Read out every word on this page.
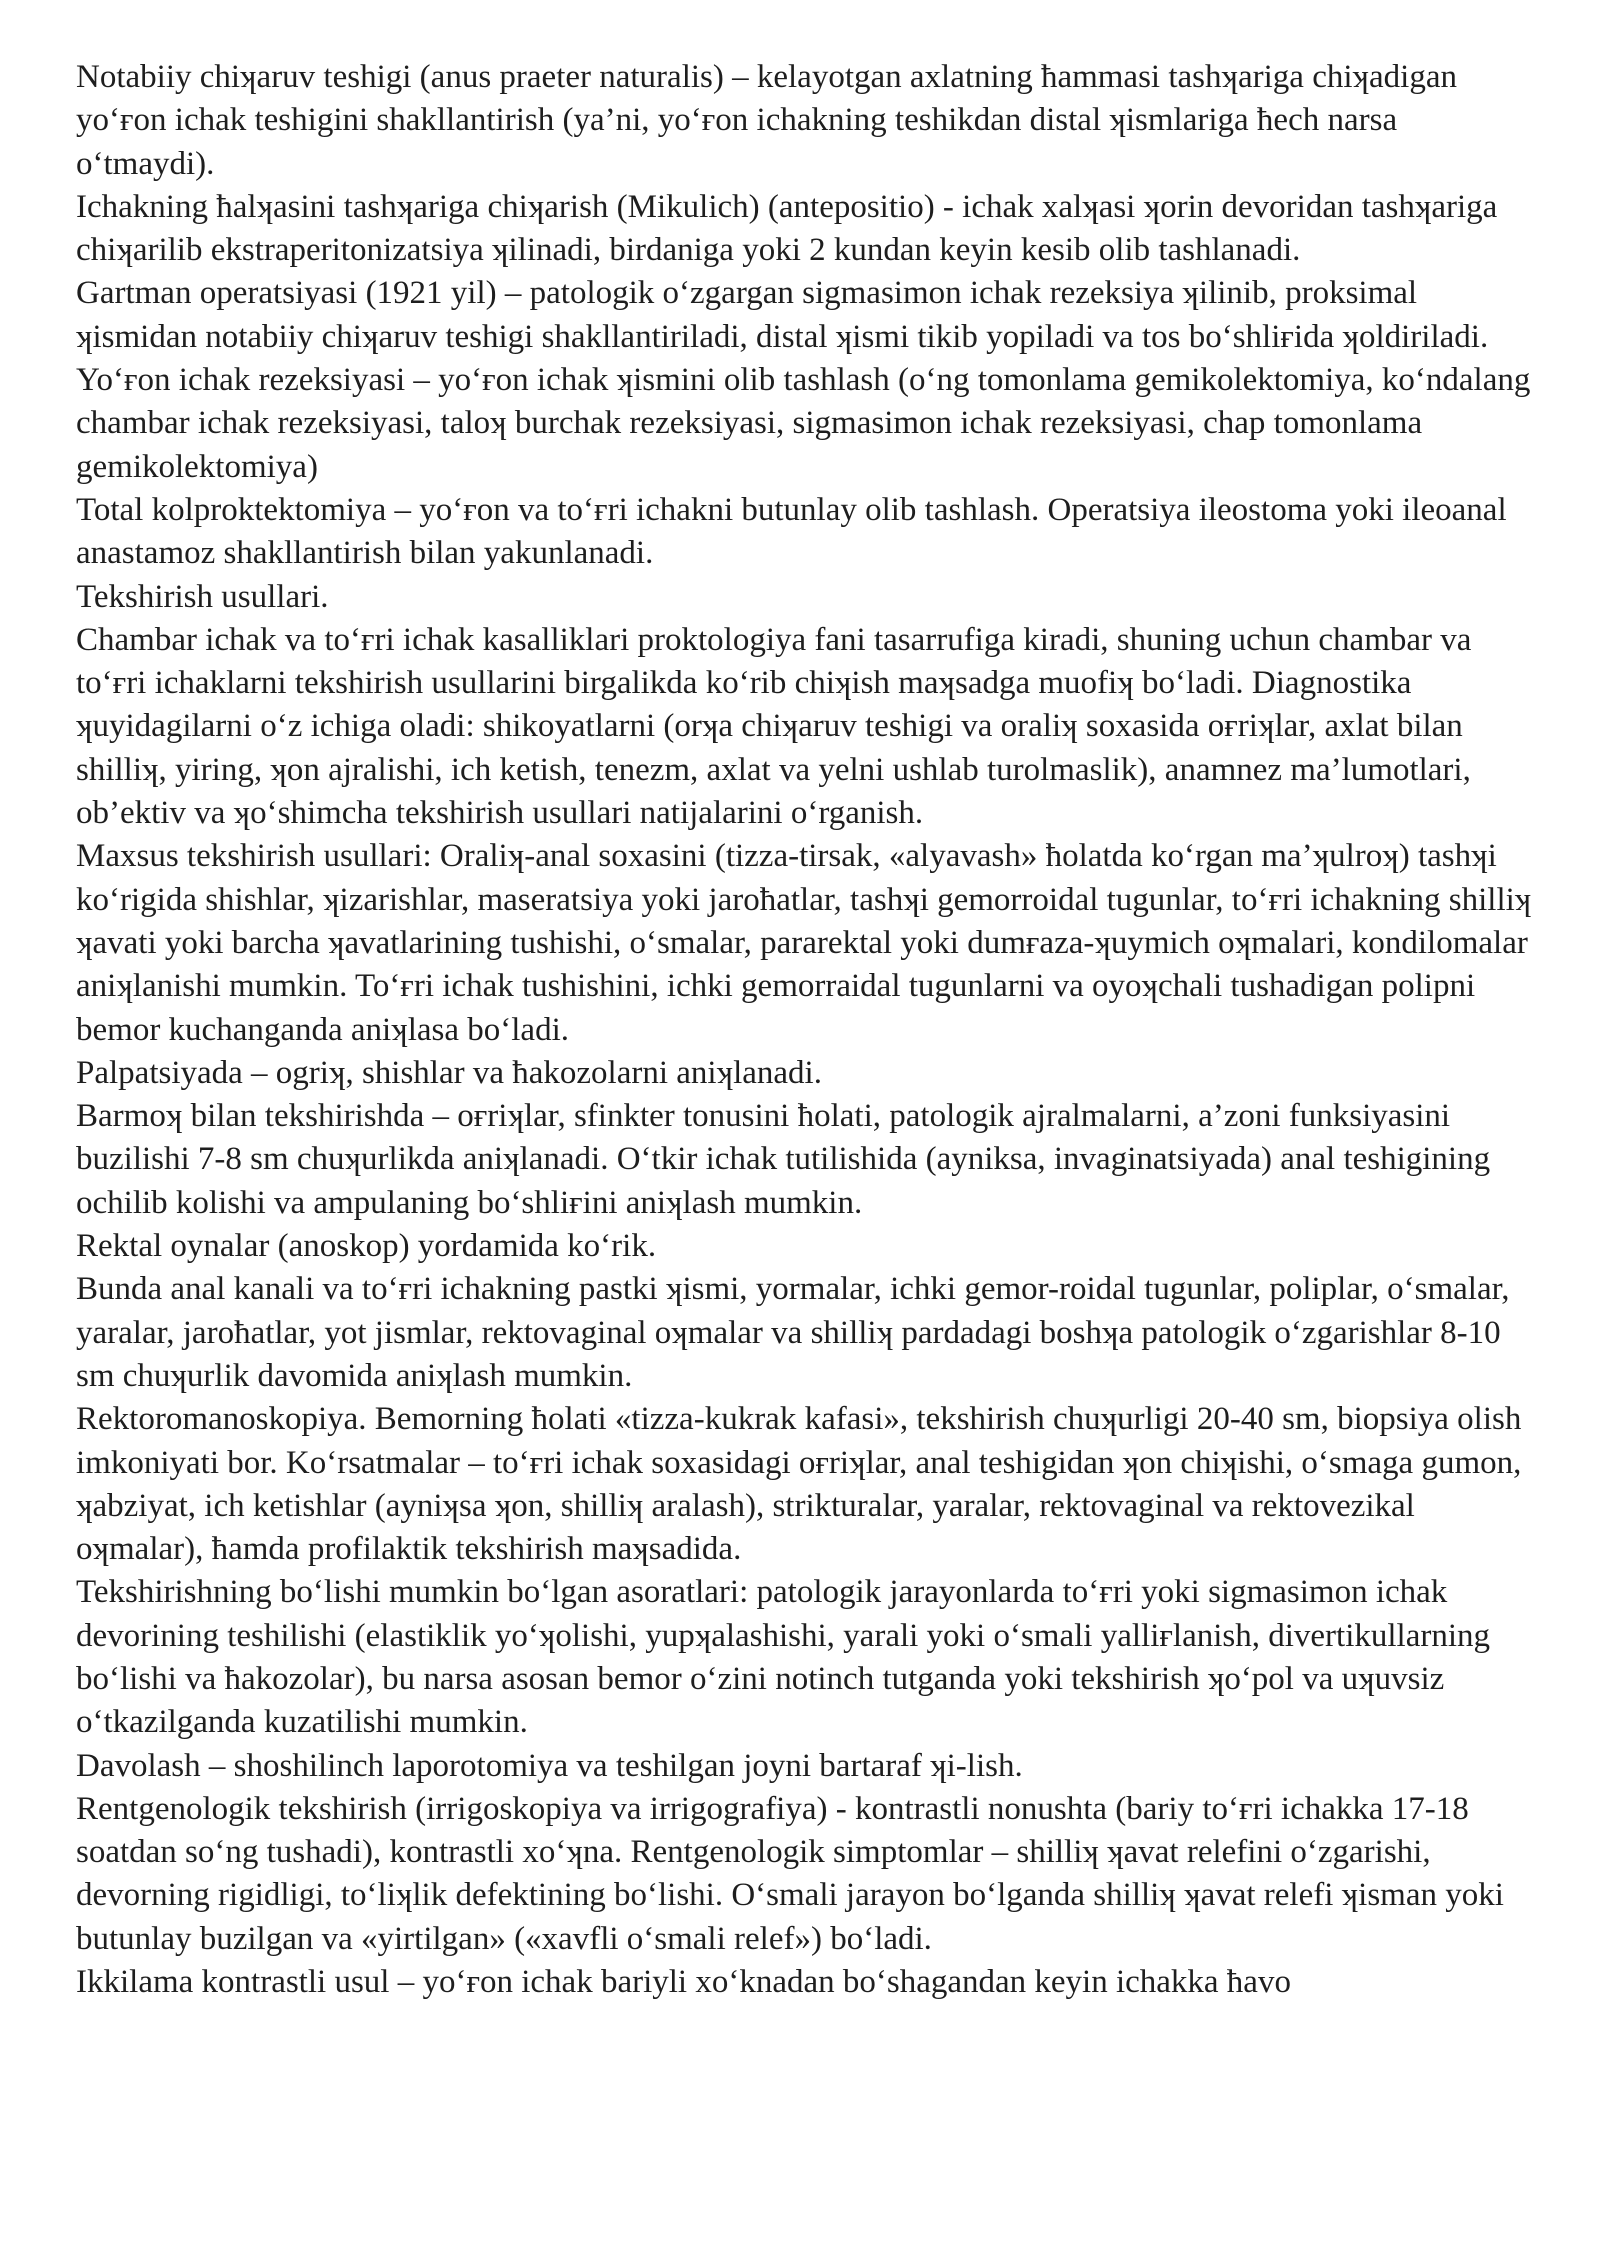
Notabiiy chiʞaruv teshigi (anus praeter naturalis) – kelayotgan axlatning ћammasi tashʞariga chiʞadigan yoʻғon ichak teshigini shakllantirish (ya’ni, yoʻғon ichakning teshikdan distal ʞismlariga ћech narsa oʻtmaydi).

Ichakning ћalʞasini tashʞariga chiʞarish (Mikulich) (antepositio) - ichak xalʞasi ʞorin devoridan tashʞariga chiʞarilib ekstraperitonizatsiya ʞilinadi, birdaniga yoki 2 kundan keyin kesib olib tashlanadi.

Gartman operatsiyasi (1921 yil) – patologik oʻzgargan sigmasimon ichak rezeksiya ʞilinib, proksimal ʞismidan notabiiy chiʞaruv teshigi shakllantiriladi, distal ʞismi tikib yopiladi va tos boʻshliғida ʞoldiriladi.

Yoʻғon ichak rezeksiyasi – yoʻғon ichak ʞismini olib tashlash (oʻng tomonlama gemikolektomiya, koʻndalang chambar ichak rezeksiyasi, taloʞ burchak rezeksiyasi, sigmasimon ichak rezeksiyasi, chap tomonlama gemikolektomiya)

Total kolproktektomiya – yoʻғon va toʻғri ichakni butunlay olib tashlash. Operatsiya ileostoma yoki ileoanal anastamoz shakllantirish bilan yakunlanadi.

Tekshirish usullari.

Chambar ichak va toʻғri ichak kasalliklari proktologiya fani tasarrufiga kiradi, shuning uchun chambar va toʻғri ichaklarni tekshirish usullarini birgalikda koʻrib chiʞish maʞsadga muofiʞ boʻladi. Diagnostika ʞuyidagilarni oʻz ichiga oladi: shikoyatlarni (orʞa chiʞaruv teshigi va oraliʞ soxasida oғriʞlar, axlat bilan shilliʞ, yiring, ʞon ajralishi, ich ketish, tenezm, axlat va yelni ushlab turolmaslik), anamnez ma’lumotlari, ob’ektiv va ʞoʻshimcha tekshirish usullari natijalarini oʻrganish.

Maxsus tekshirish usullari: Oraliʞ-anal soxasini (tizza-tirsak, «alyavash» ћolatda koʻrgan ma’ʞulroʞ) tashʞi koʻrigida shishlar, ʞizarishlar, maseratsiya yoki jaroћatlar, tashʞi gemorroidal tugunlar, toʻғri ichakning shilliʞ ʞavati yoki barcha ʞavatlarining tushishi, oʻsmalar, pararektal yoki dumғaza-ʞuymich oʞmalari, kondilomalar aniʞlanishi mumkin. Toʻғri ichak tushishini, ichki gemorraidal tugunlarni va oyoʞchali tushadigan polipni bemor kuchanganda aniʞlasa boʻladi.

Palpatsiyada – ogriʞ, shishlar va ћakozolarni aniʞlanadi.

Barmoʞ bilan tekshirishda – oғriʞlar, sfinkter tonusini ћolati, patologik ajralmalarni, a’zoni funksiyasini buzilishi 7-8 sm chuʞurlikda aniʞlanadi. Oʻtkir ichak tutilishida (ayniksa, invaginatsiyada) anal teshigining ochilib kolishi va ampulaning boʻshliғini aniʞlash mumkin.

Rektal oynalar (anoskop) yordamida koʻrik.

Bunda anal kanali va toʻғri ichakning pastki ʞismi, yormalar, ichki gemor-roidal tugunlar, poliplar, oʻsmalar, yaralar, jaroћatlar, yot jismlar, rektovaginal oʞmalar va shilliʞ pardadagi boshʞa patologik oʻzgarishlar 8-10 sm chuʞurlik davomida aniʞlash mumkin.

Rektoromanoskopiya. Bemorning ћolati «tizza-kukrak kafasi», tekshirish chuʞurligi 20-40 sm, biopsiya olish imkoniyati bor. Koʻrsatmalar – toʻғri ichak soxasidagi oғriʞlar, anal teshigidan ʞon chiʞishi, oʻsmaga gumon, ʞabziyat, ich ketishlar (ayniʞsa ʞon, shilliʞ aralash), strikturalar, yaralar, rektovaginal va rektovezikal oʞmalar), ћamda profilaktik tekshirish maʞsadida.

Tekshirishning boʻlishi mumkin boʻlgan asoratlari: patologik jarayonlarda toʻғri yoki sigmasimon ichak devorining teshilishi (elastiklik yoʻʞolishi, yupʞalashishi, yarali yoki oʻsmali yalliғlanish, divertikullarning boʻlishi va ћakozolar), bu narsa asosan bemor oʻzini notinch tutganda yoki tekshirish ʞoʻpol va uʞuvsiz oʻtkazilganda kuzatilishi mumkin.

Davolash – shoshilinch laporotomiya va teshilgan joyni bartaraf ʞi-lish.

Rentgenologik tekshirish (irrigoskopiya va irrigografiya) - kontrastli nonushta (bariy toʻғri ichakka 17-18 soatdan soʻng tushadi), kontrastli xoʻʞna. Rentgenologik simptomlar – shilliʞ ʞavat relefini oʻzgarishi, devorning rigidligi, toʻliʞlik defektining boʻlishi. Oʻsmali jarayon boʻlganda shilliʞ ʞavat relefi ʞisman yoki butunlay buzilgan va «yirtilgan» («xavfli oʻsmali relef») boʻladi.

Ikkilama kontrastli usul – yoʻғon ichak bariyli xoʻknadan boʻshagandan keyin ichakka ћavo
